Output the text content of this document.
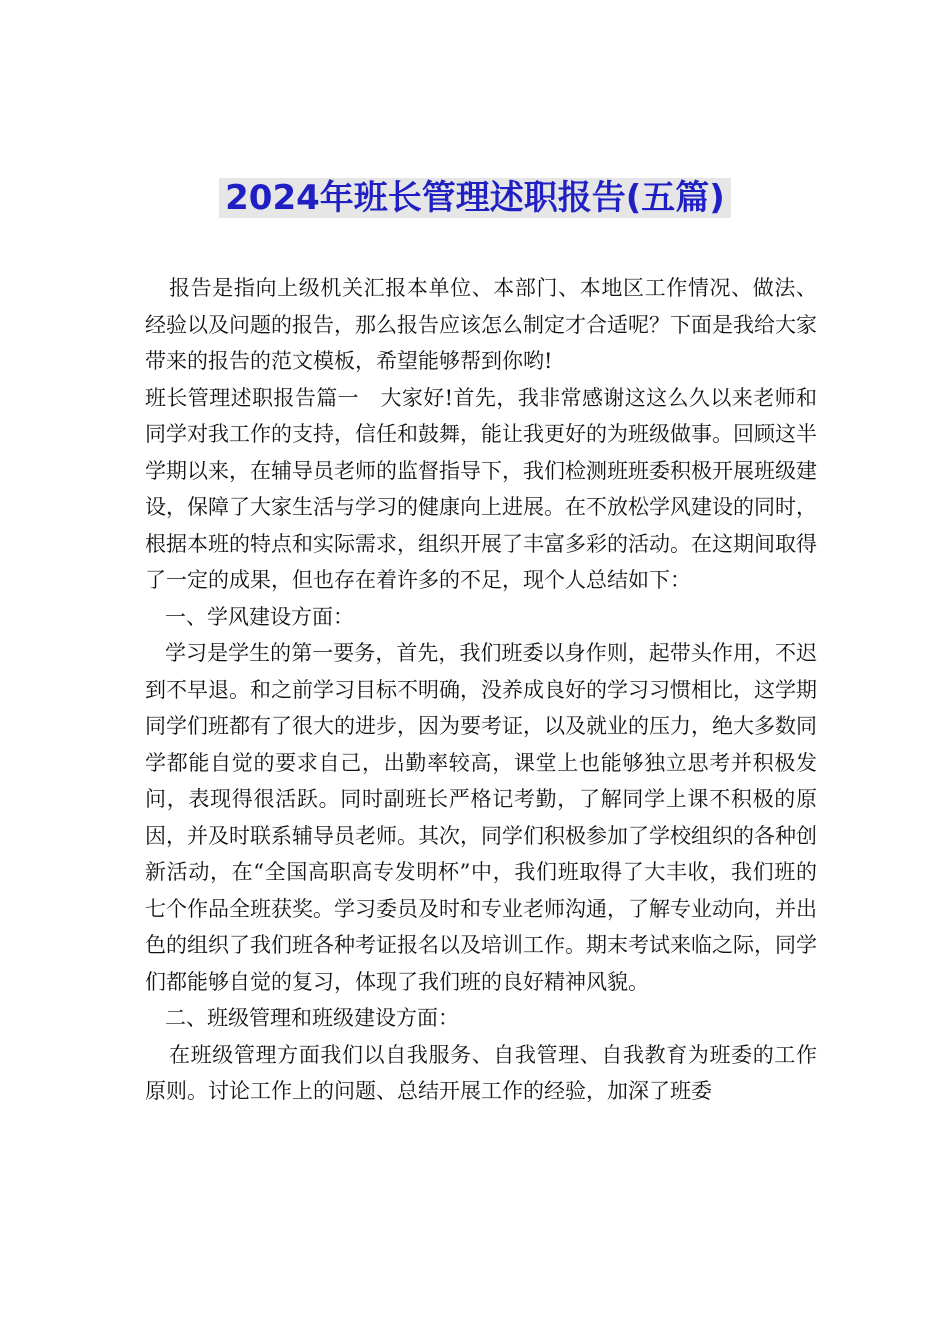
2024年班长管理述职报告(五篇)

报告是指向上级机关汇报本单位、本部门、本地区工作情况、做法、经验以及问题的报告，那么报告应该怎么制定才合适呢？下面是我给大家带来的报告的范文模板，希望能够帮到你哟!

班长管理述职报告篇一　大家好!首先，我非常感谢这这么久以来老师和同学对我工作的支持，信任和鼓舞，能让我更好的为班级做事。回顾这半学期以来，在辅导员老师的监督指导下，我们检测班班委积极开展班级建设，保障了大家生活与学习的健康向上进展。在不放松学风建设的同时，根据本班的特点和实际需求，组织开展了丰富多彩的活动。在这期间取得了一定的成果，但也存在着许多的不足，现个人总结如下：

一、学风建设方面：

学习是学生的第一要务，首先，我们班委以身作则，起带头作用，不迟到不早退。和之前学习目标不明确，没养成良好的学习习惯相比，这学期同学们班都有了很大的进步，因为要考证，以及就业的压力，绝大多数同学都能自觉的要求自己，出勤率较高，课堂上也能够独立思考并积极发问，表现得很活跃。同时副班长严格记考勤，了解同学上课不积极的原因，并及时联系辅导员老师。其次，同学们积极参加了学校组织的各种创新活动，在“全国高职高专发明杯”中，我们班取得了大丰收，我们班的七个作品全班获奖。学习委员及时和专业老师沟通，了解专业动向，并出色的组织了我们班各种考证报名以及培训工作。期末考试来临之际，同学们都能够自觉的复习，体现了我们班的良好精神风貌。

二、班级管理和班级建设方面：

在班级管理方面我们以自我服务、自我管理、自我教育为班委的工作原则。讨论工作上的问题、总结开展工作的经验，加深了班委
